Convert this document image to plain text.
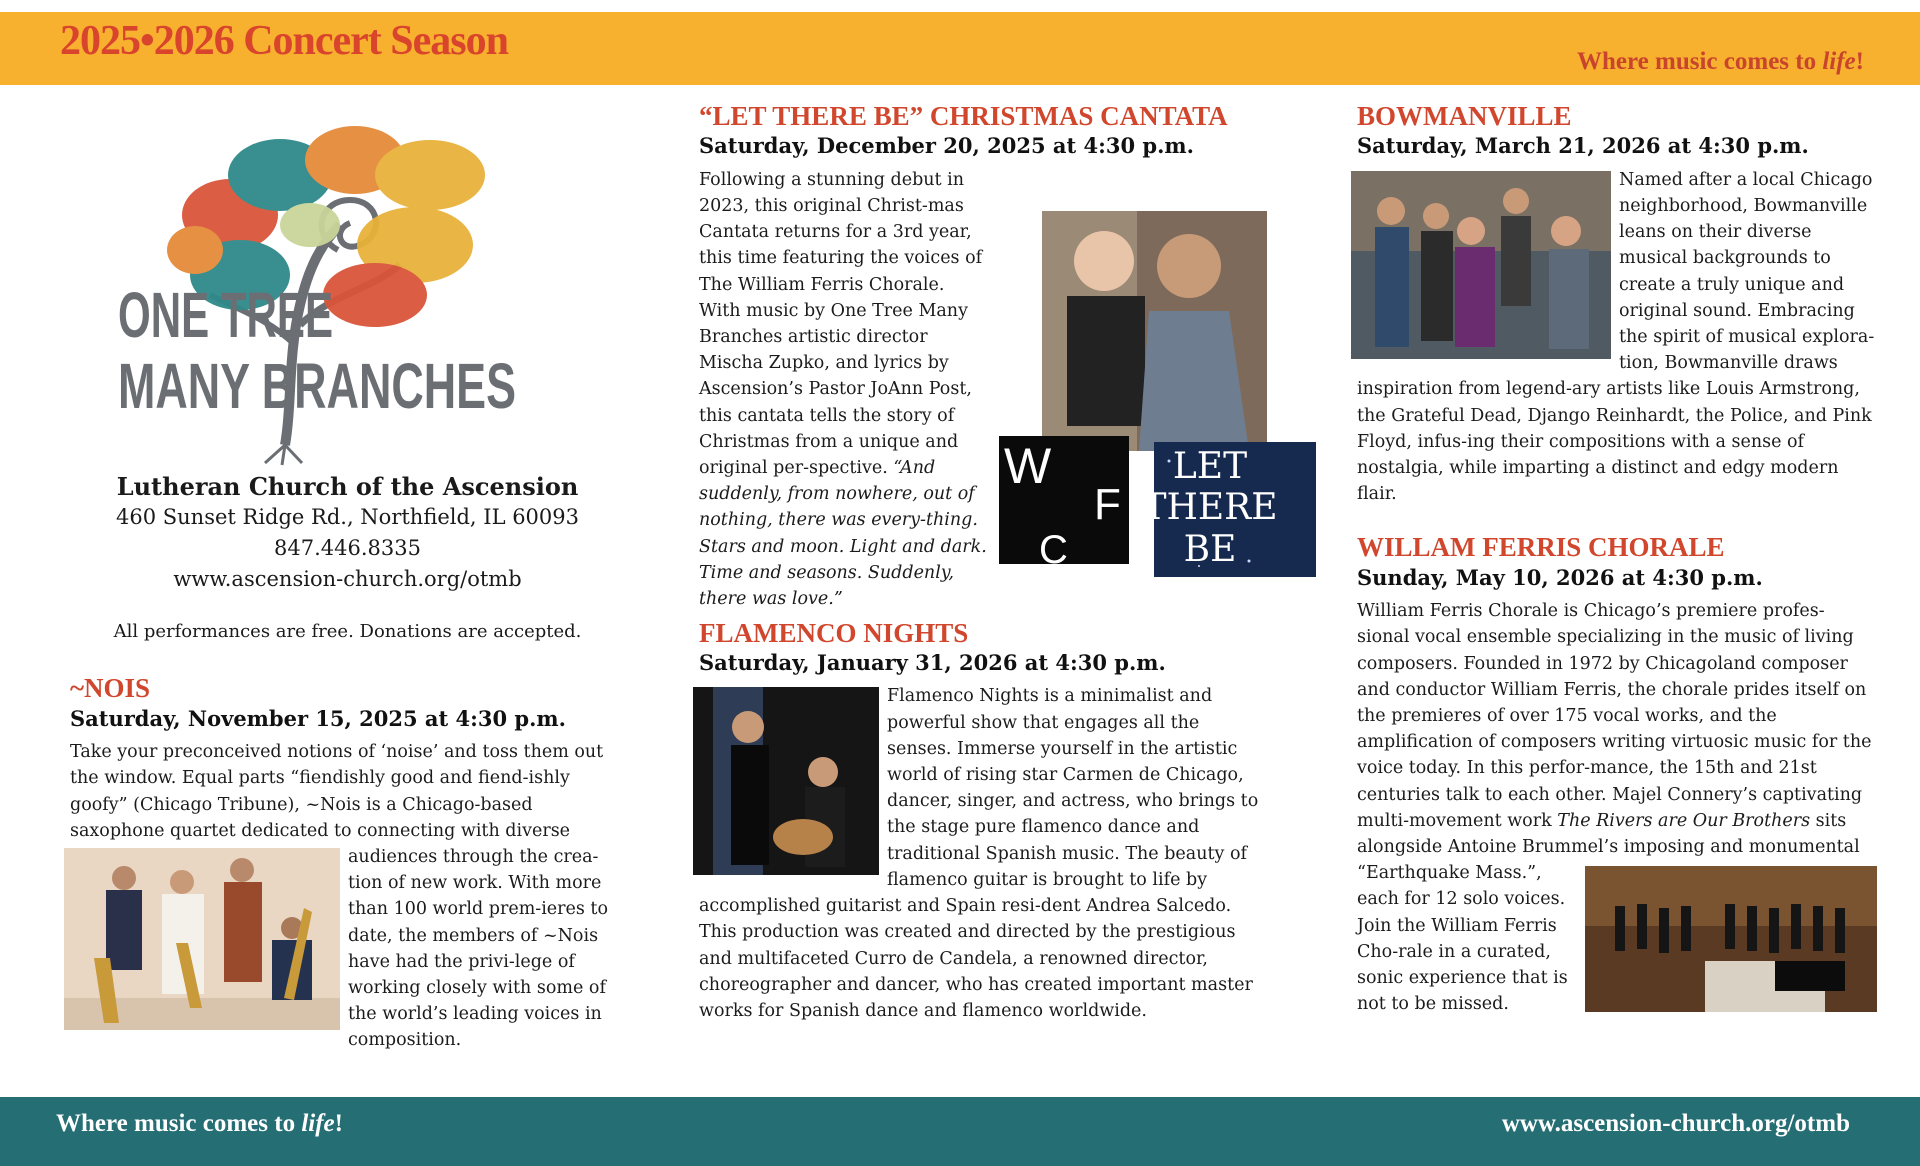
2025•2026 Concert Season	Where music comes to life!
ONE TREE
MANY BRANCHES
Lutheran Church of the Ascension
460 Sunset Ridge Rd., Northfield, IL 60093
847.446.8335
www.ascension-church.org/otmb
All performances are free. Donations are accepted.
~NOIS
Saturday, November 15, 2025 at 4:30 p.m.
Take your preconceived notions of ‘noise’ and toss them out the window. Equal parts “fiendishly good and fiend-ishly goofy” (Chicago Tribune), ~Nois is a Chicago-based saxophone quartet dedicated to connecting with diverse
audiences through the crea-tion of new work. With more than 100 world prem-ieres to date, the members of ~Nois have had the privi-lege of working closely with some of the world’s leading voices in composition.
“LET THERE BE” CHRISTMAS CANTATA
Saturday, December 20, 2025 at 4:30 p.m.
W
F
C
LET
THERE
BE
Following a stunning debut in 2023, this original Christ-mas Cantata returns for a 3rd year, this time featuring the voices of The William Ferris Chorale. With music by One Tree Many Branches artistic director Mischa Zupko, and lyrics by Ascension’s Pastor JoAnn Post, this cantata tells the story of Christmas from a unique and original per-spective. “And suddenly, from nowhere, out of nothing, there was every-thing. Stars and moon. Light and dark. Time and seasons. Suddenly, there was love.”
FLAMENCO NIGHTS
Saturday, January 31, 2026 at 4:30 p.m.
Flamenco Nights is a minimalist and powerful show that engages all the senses. Immerse yourself in the artistic world of rising star Carmen de Chicago, dancer, singer, and actress, who brings to the stage pure flamenco dance and traditional Spanish music. The beauty of flamenco guitar is brought to life by accomplished guitarist and Spain resi-dent Andrea Salcedo. This production was created and directed by the prestigious and multifaceted Curro de Candela, a renowned director, choreographer and dancer, who has created important master works for Spanish dance and flamenco worldwide.
BOWMANVILLE
Saturday, March 21, 2026 at 4:30 p.m.
Named after a local Chicago neighborhood, Bowmanville leans on their diverse musical backgrounds to create a truly unique and original sound. Embracing the spirit of musical explora-tion, Bowmanville draws inspiration from legend-ary artists like Louis Armstrong, the Grateful Dead, Django Reinhardt, the Police, and Pink Floyd, infus-ing their compositions with a sense of nostalgia, while imparting a distinct and edgy modern flair.
WILLAM FERRIS CHORALE
Sunday, May 10, 2026 at 4:30 p.m.
William Ferris Chorale is Chicago’s premiere profes-sional vocal ensemble specializing in the music of living composers. Founded in 1972 by Chicagoland composer and conductor William Ferris, the chorale prides itself on the premieres of over 175 vocal works, and the amplification of composers writing virtuosic music for the voice today. In this perfor-mance, the 15th and 21st centuries talk to each other. Majel Connery’s captivating multi-movement work The Rivers are Our Brothers sits alongside Antoine Brummel’s imposing and monumental “Earthquake Mass.”,
each for 12 solo voices. Join the William Ferris Cho-rale in a curated, sonic experience that is not to be missed.
Where music comes to life!	www.ascension-church.org/otmb
